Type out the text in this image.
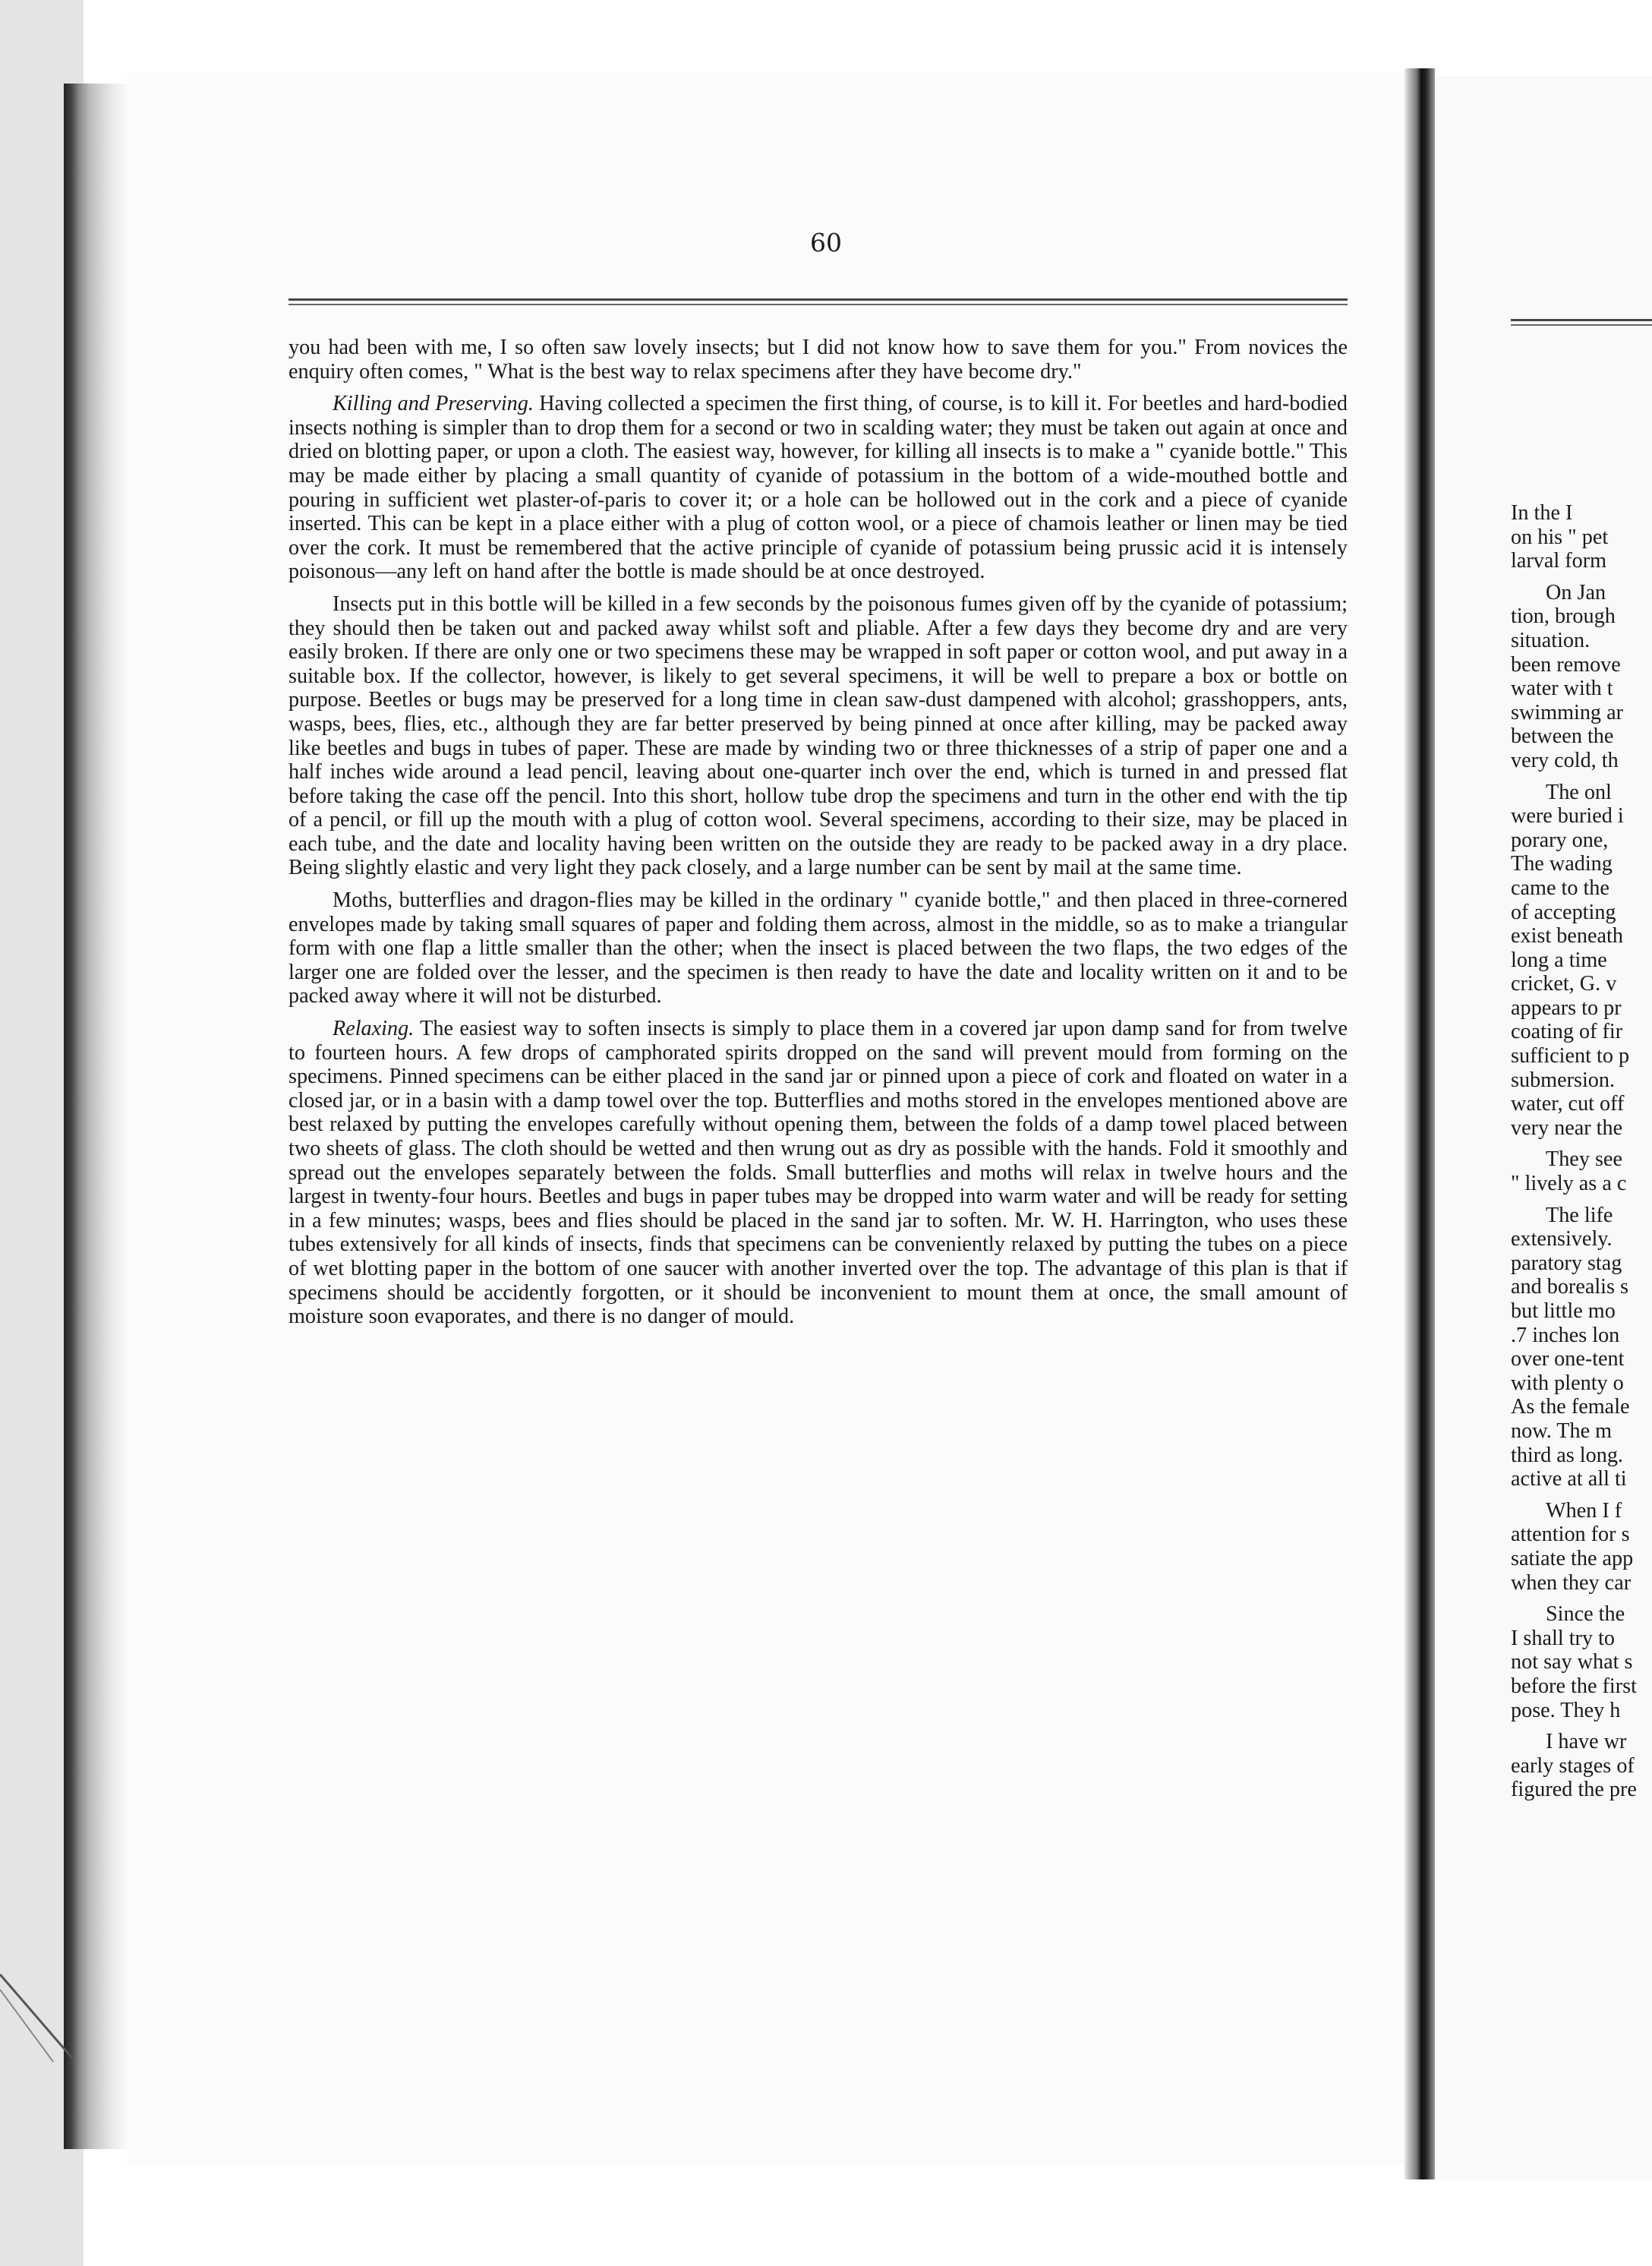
In the I
on his " pet
larval form
On Jan
tion, brough
situation.
been remove
water with t
swimming ar
between the
very cold, th
The onl
were buried i
porary one,
The wading
came to the
of accepting
exist beneath
long a time
cricket, G. v
appears to pr
coating of fir
sufficient to p
submersion.
water, cut off
very near the
They see
" lively as a c
The life
extensively.
paratory stag
and borealis s
but little mo
.7 inches lon
over one-tent
with plenty o
As the female
now. The m
third as long.
active at all ti
When I f
attention for s
satiate the app
when they car
Since the
I shall try to
not say what s
before the first
pose. They h
I have wr
early stages of
figured the pre
60

you had been with me, I so often saw lovely insects; but I did not know how to save them for you." From novices the enquiry often comes, " What is the best way to relax specimens after they have become dry."

Killing and Preserving. Having collected a specimen the first thing, of course, is to kill it. For beetles and hard-bodied insects nothing is simpler than to drop them for a second or two in scalding water; they must be taken out again at once and dried on blotting paper, or upon a cloth. The easiest way, however, for killing all insects is to make a " cyanide bottle." This may be made either by placing a small quantity of cyanide of potassium in the bottom of a wide-mouthed bottle and pouring in sufficient wet plaster-of-paris to cover it; or a hole can be hollowed out in the cork and a piece of cyanide inserted. This can be kept in a place either with a plug of cotton wool, or a piece of chamois leather or linen may be tied over the cork. It must be remembered that the active principle of cyanide of potassium being prussic acid it is intensely poisonous—any left on hand after the bottle is made should be at once destroyed.

Insects put in this bottle will be killed in a few seconds by the poisonous fumes given off by the cyanide of potassium; they should then be taken out and packed away whilst soft and pliable. After a few days they become dry and are very easily broken. If there are only one or two specimens these may be wrapped in soft paper or cotton wool, and put away in a suitable box. If the collector, however, is likely to get several specimens, it will be well to prepare a box or bottle on purpose. Beetles or bugs may be preserved for a long time in clean saw-dust dampened with alcohol; grasshoppers, ants, wasps, bees, flies, etc., although they are far better preserved by being pinned at once after killing, may be packed away like beetles and bugs in tubes of paper. These are made by winding two or three thicknesses of a strip of paper one and a half inches wide around a lead pencil, leaving about one-quarter inch over the end, which is turned in and pressed flat before taking the case off the pencil. Into this short, hollow tube drop the specimens and turn in the other end with the tip of a pencil, or fill up the mouth with a plug of cotton wool. Several specimens, according to their size, may be placed in each tube, and the date and locality having been written on the outside they are ready to be packed away in a dry place. Being slightly elastic and very light they pack closely, and a large number can be sent by mail at the same time.

Moths, butterflies and dragon-flies may be killed in the ordinary " cyanide bottle," and then placed in three-cornered envelopes made by taking small squares of paper and folding them across, almost in the middle, so as to make a triangular form with one flap a little smaller than the other; when the insect is placed between the two flaps, the two edges of the larger one are folded over the lesser, and the specimen is then ready to have the date and locality written on it and to be packed away where it will not be disturbed.

Relaxing. The easiest way to soften insects is simply to place them in a covered jar upon damp sand for from twelve to fourteen hours. A few drops of camphorated spirits dropped on the sand will prevent mould from forming on the specimens. Pinned specimens can be either placed in the sand jar or pinned upon a piece of cork and floated on water in a closed jar, or in a basin with a damp towel over the top. Butterflies and moths stored in the envelopes mentioned above are best relaxed by putting the envelopes carefully without opening them, between the folds of a damp towel placed between two sheets of glass. The cloth should be wetted and then wrung out as dry as possible with the hands. Fold it smoothly and spread out the envelopes separately between the folds. Small butterflies and moths will relax in twelve hours and the largest in twenty-four hours. Beetles and bugs in paper tubes may be dropped into warm water and will be ready for setting in a few minutes; wasps, bees and flies should be placed in the sand jar to soften. Mr. W. H. Harrington, who uses these tubes extensively for all kinds of insects, finds that specimens can be conveniently relaxed by putting the tubes on a piece of wet blotting paper in the bottom of one saucer with another inverted over the top. The advantage of this plan is that if specimens should be accidently forgotten, or it should be inconvenient to mount them at once, the small amount of moisture soon evaporates, and there is no danger of mould.
